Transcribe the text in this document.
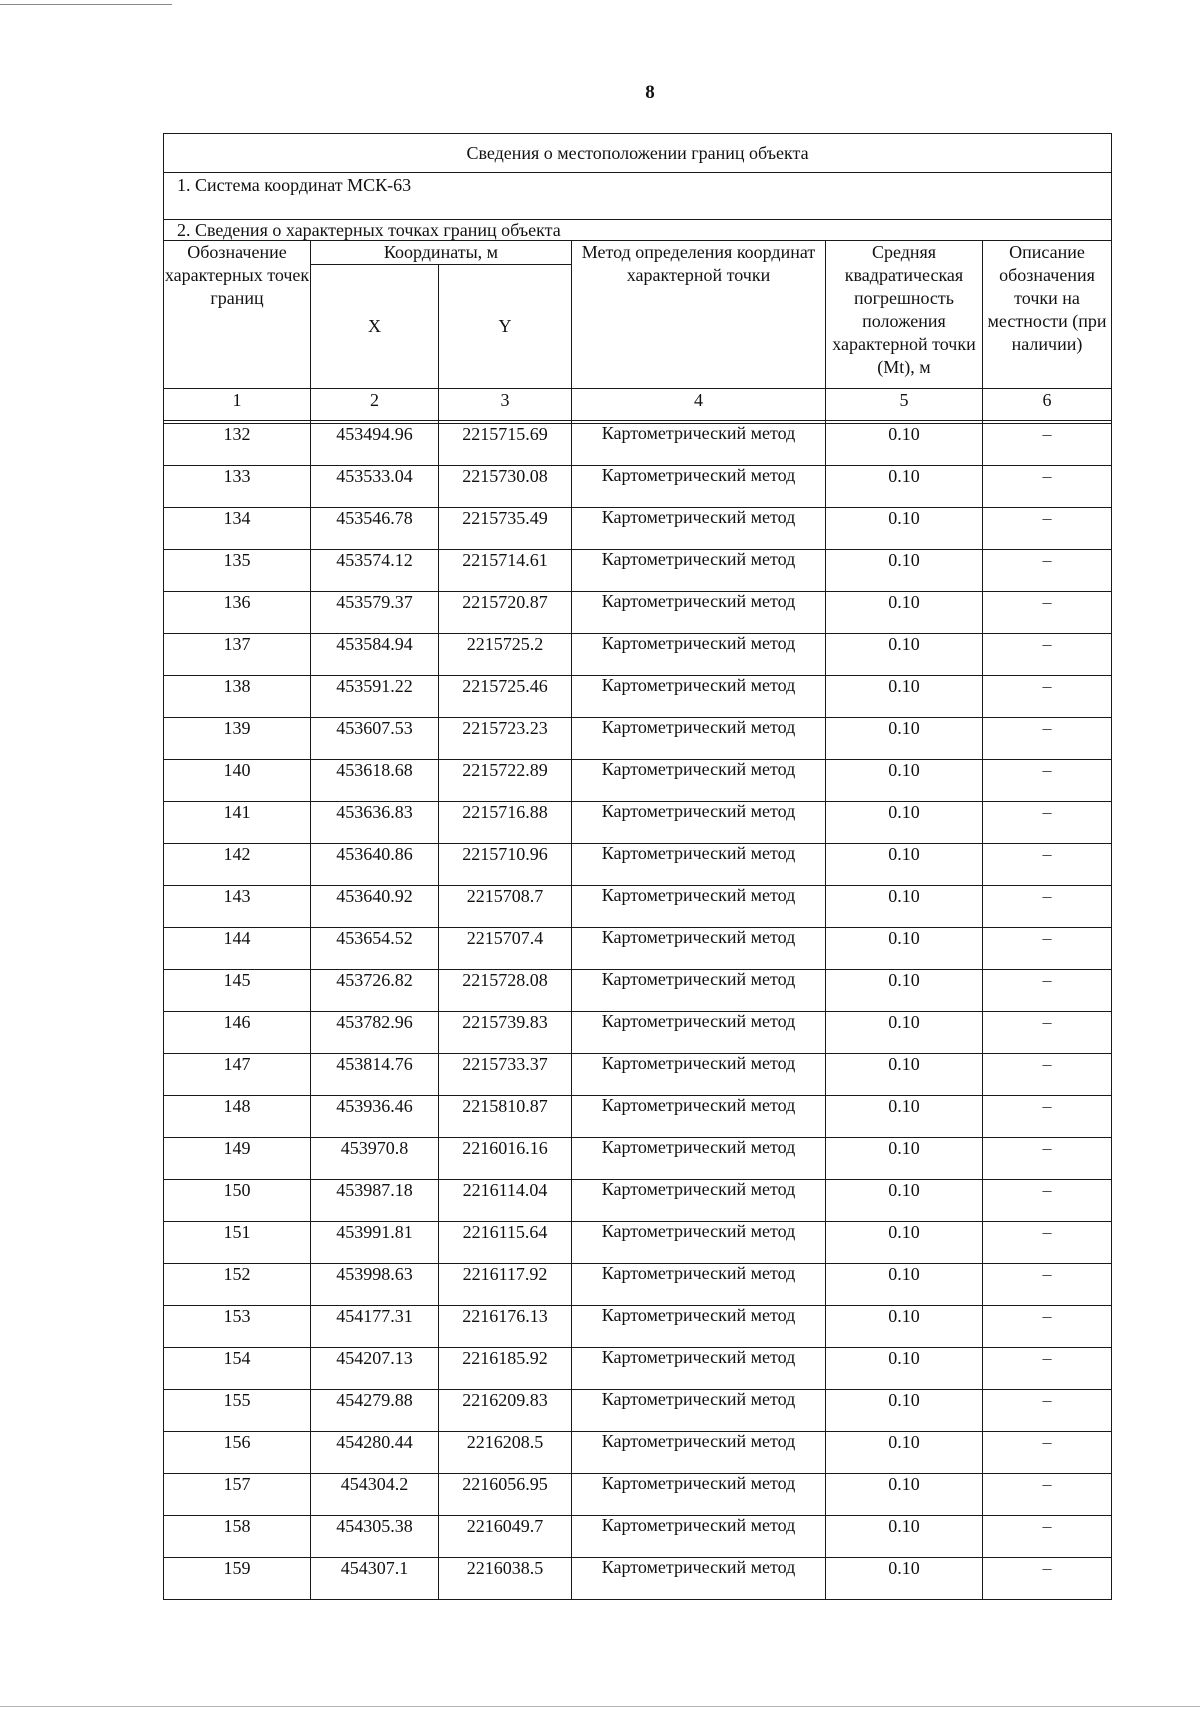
8
Сведения о местоположении границ объекта					
1. Система координат МСК-63					
2. Сведения о характерных точках границ объекта					
Обозначение характерных точек границ	Координаты, м		Метод определения координат характерной точки	Средняя квадратическая погрешность положения характерной точки (Mt), м	Описание обозначения точки на местности (при наличии)
	X	Y			
1	2	3	4	5	6

132	453494.96	2215715.69	Картометрический метод	0.10	–
133	453533.04	2215730.08	Картометрический метод	0.10	–
134	453546.78	2215735.49	Картометрический метод	0.10	–
135	453574.12	2215714.61	Картометрический метод	0.10	–
136	453579.37	2215720.87	Картометрический метод	0.10	–
137	453584.94	2215725.2	Картометрический метод	0.10	–
138	453591.22	2215725.46	Картометрический метод	0.10	–
139	453607.53	2215723.23	Картометрический метод	0.10	–
140	453618.68	2215722.89	Картометрический метод	0.10	–
141	453636.83	2215716.88	Картометрический метод	0.10	–
142	453640.86	2215710.96	Картометрический метод	0.10	–
143	453640.92	2215708.7	Картометрический метод	0.10	–
144	453654.52	2215707.4	Картометрический метод	0.10	–
145	453726.82	2215728.08	Картометрический метод	0.10	–
146	453782.96	2215739.83	Картометрический метод	0.10	–
147	453814.76	2215733.37	Картометрический метод	0.10	–
148	453936.46	2215810.87	Картометрический метод	0.10	–
149	453970.8	2216016.16	Картометрический метод	0.10	–
150	453987.18	2216114.04	Картометрический метод	0.10	–
151	453991.81	2216115.64	Картометрический метод	0.10	–
152	453998.63	2216117.92	Картометрический метод	0.10	–
153	454177.31	2216176.13	Картометрический метод	0.10	–
154	454207.13	2216185.92	Картометрический метод	0.10	–
155	454279.88	2216209.83	Картометрический метод	0.10	–
156	454280.44	2216208.5	Картометрический метод	0.10	–
157	454304.2	2216056.95	Картометрический метод	0.10	–
158	454305.38	2216049.7	Картометрический метод	0.10	–
159	454307.1	2216038.5	Картометрический метод	0.10	–
